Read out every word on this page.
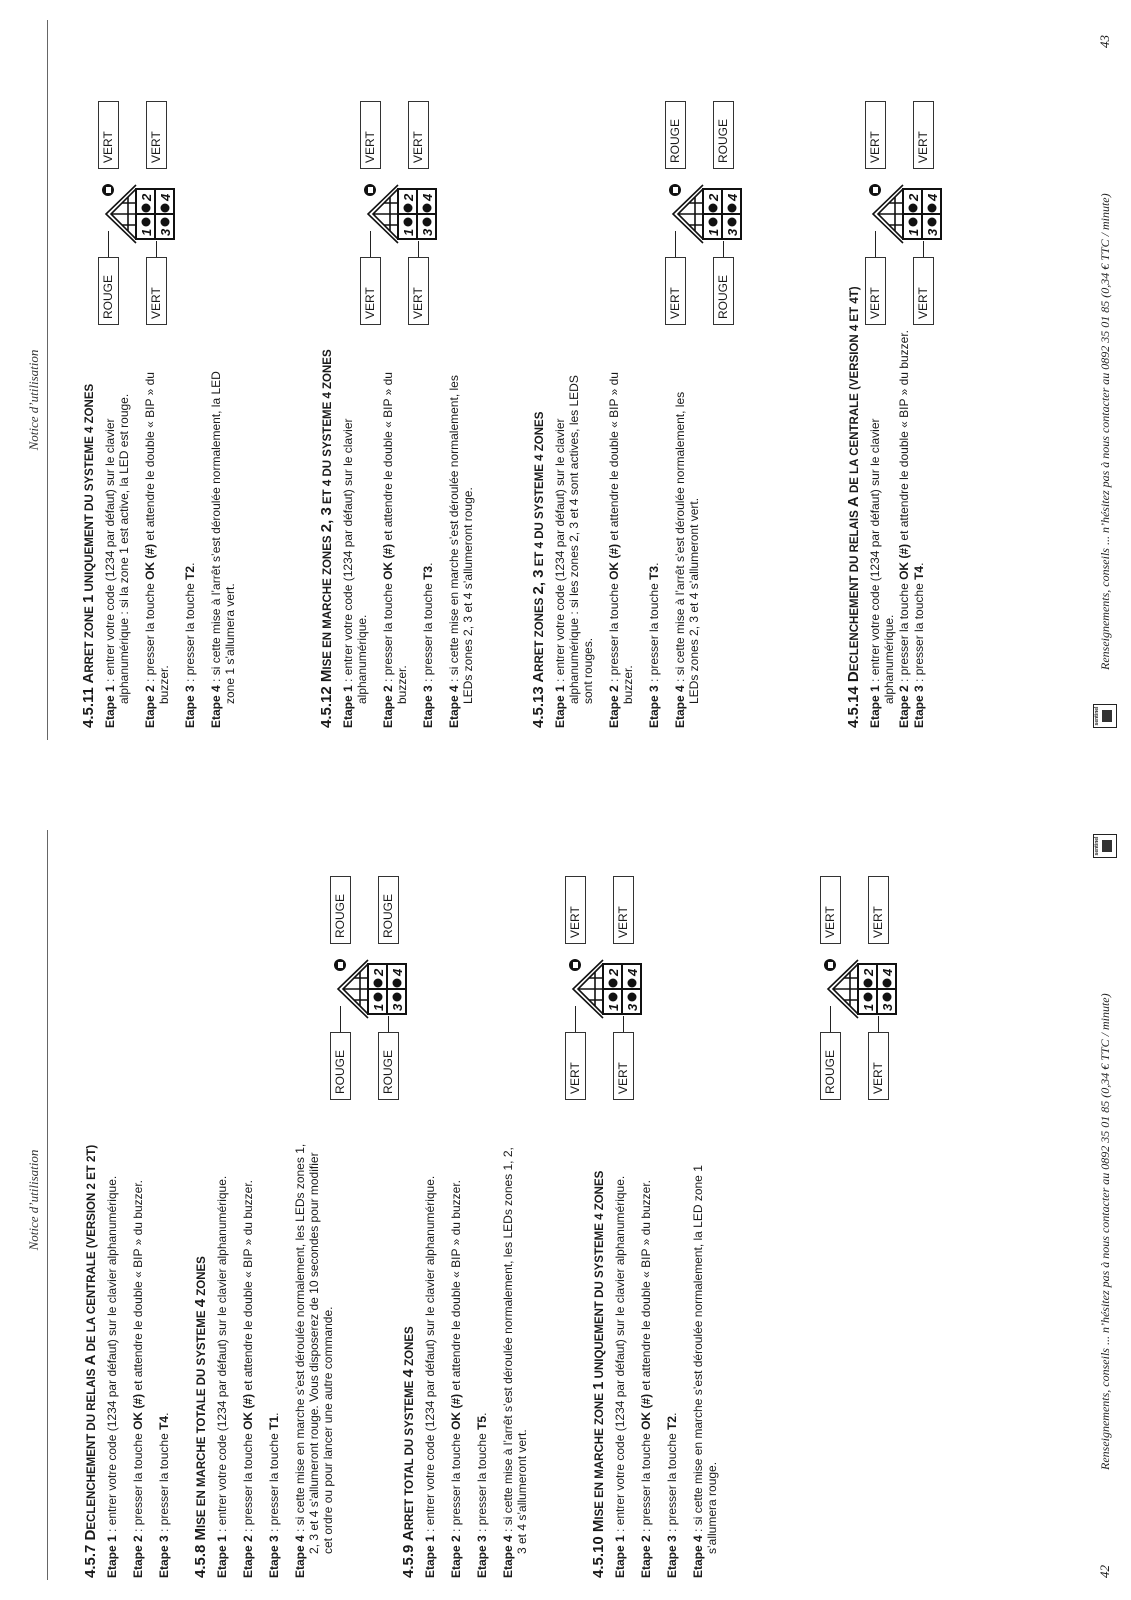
Notice d’utilisation
4.5.7 DECLENCHEMENT DU RELAIS A DE LA CENTRALE (VERSION 2 ET 2T)
Etape 1 : entrer votre code (1234 par défaut) sur le clavier alphanumérique.
Etape 2 : presser la touche OK (#) et attendre le double « BIP » du buzzer.
Etape 3 : presser la touche T4.
4.5.8 MISE EN MARCHE TOTALE DU SYSTEME 4 ZONES
Etape 1 : entrer votre code (1234 par défaut) sur le clavier alphanumérique.
Etape 2 : presser la touche OK (#) et attendre le double « BIP » du buzzer.
Etape 3 : presser la touche T1.
Etape 4 : si cette mise en marche s’est déroulée normalement, les LEDs zones 1, 2, 3 et 4 s’allumeront rouge. Vous disposerez de 10 secondes pour modifier cet ordre ou pour lancer une autre commande.
ROUGE	ROUGE
ROUGE	ROUGE
1
2
3
4
4.5.9 ARRET TOTAL DU SYSTEME 4 ZONES
Etape 1 : entrer votre code (1234 par défaut) sur le clavier alphanumérique.
Etape 2 : presser la touche OK (#) et attendre le double « BIP » du buzzer.
Etape 3 : presser la touche T5.
Etape 4 : si cette mise à l’arrêt s’est déroulée normalement, les LEDs zones 1, 2, 3 et 4 s’allumeront vert.
VERT	VERT
VERT	VERT
1
2
3
4
4.5.10 MISE EN MARCHE ZONE 1 UNIQUEMENT DU SYSTEME 4 ZONES
Etape 1 : entrer votre code (1234 par défaut) sur le clavier alphanumérique.
Etape 2 : presser la touche OK (#) et attendre le double « BIP » du buzzer.
Etape 3 : presser la touche T2.
Etape 4 : si cette mise en marche s’est déroulée normalement, la LED zone 1 s’allumera rouge.
ROUGE	VERT
VERT	VERT
1
2
3
4
42
Renseignements, conseils ... n’hésitez pas à nous contacter au 0892 35 01 85 (0,34 € TTC / minute)
sentinel
Notice d’utilisation
4.5.11 ARRET ZONE 1 UNIQUEMENT DU SYSTEME 4 ZONES
Etape 1 : entrer votre code (1234 par défaut) sur le clavier alphanumérique : si la zone 1 est active, la LED est rouge.
Etape 2 : presser la touche OK (#) et attendre le double « BIP » du buzzer.
Etape 3 : presser la touche T2.
Etape 4 : si cette mise à l’arrêt s’est déroulée normalement, la LED zone 1 s’allumera vert.
ROUGE	VERT
VERT	VERT
1
2
3
4
4.5.12 MISE EN MARCHE ZONES 2, 3 ET 4 DU SYSTEME 4 ZONES
Etape 1 : entrer votre code (1234 par défaut) sur le clavier alphanumérique.
Etape 2 : presser la touche OK (#) et attendre le double « BIP » du buzzer.
Etape 3 : presser la touche T3.
Etape 4 : si cette mise en marche s’est déroulée normalement, les LEDs zones 2, 3 et 4 s’allumeront rouge.
VERT	VERT
VERT	VERT
1
2
3
4
4.5.13 ARRET ZONES 2, 3 ET 4 DU SYSTEME 4 ZONES
Etape 1 : entrer votre code (1234 par défaut) sur le clavier alphanumérique : si les zones 2, 3 et 4 sont actives, les LEDS sont rouges.
Etape 2 : presser la touche OK (#) et attendre le double « BIP » du buzzer.
Etape 3 : presser la touche T3.
Etape 4 : si cette mise à l’arrêt s’est déroulée normalement, les LEDs zones 2, 3 et 4 s’allumeront vert.
VERT	ROUGE
ROUGE	ROUGE
1
2
3
4
4.5.14 DECLENCHEMENT DU RELAIS A DE LA CENTRALE (VERSION 4 ET 4T)
Etape 1 : entrer votre code (1234 par défaut) sur le clavier alphanumérique.
Etape 2 : presser la touche OK (#) et attendre le double « BIP » du buzzer.
Etape 3 : presser la touche T4.
VERT	VERT
VERT	VERT
1
2
3
4
sentinel
Renseignements, conseils ... n’hésitez pas à nous contacter au 0892 35 01 85 (0,34 € TTC / minute)
43
